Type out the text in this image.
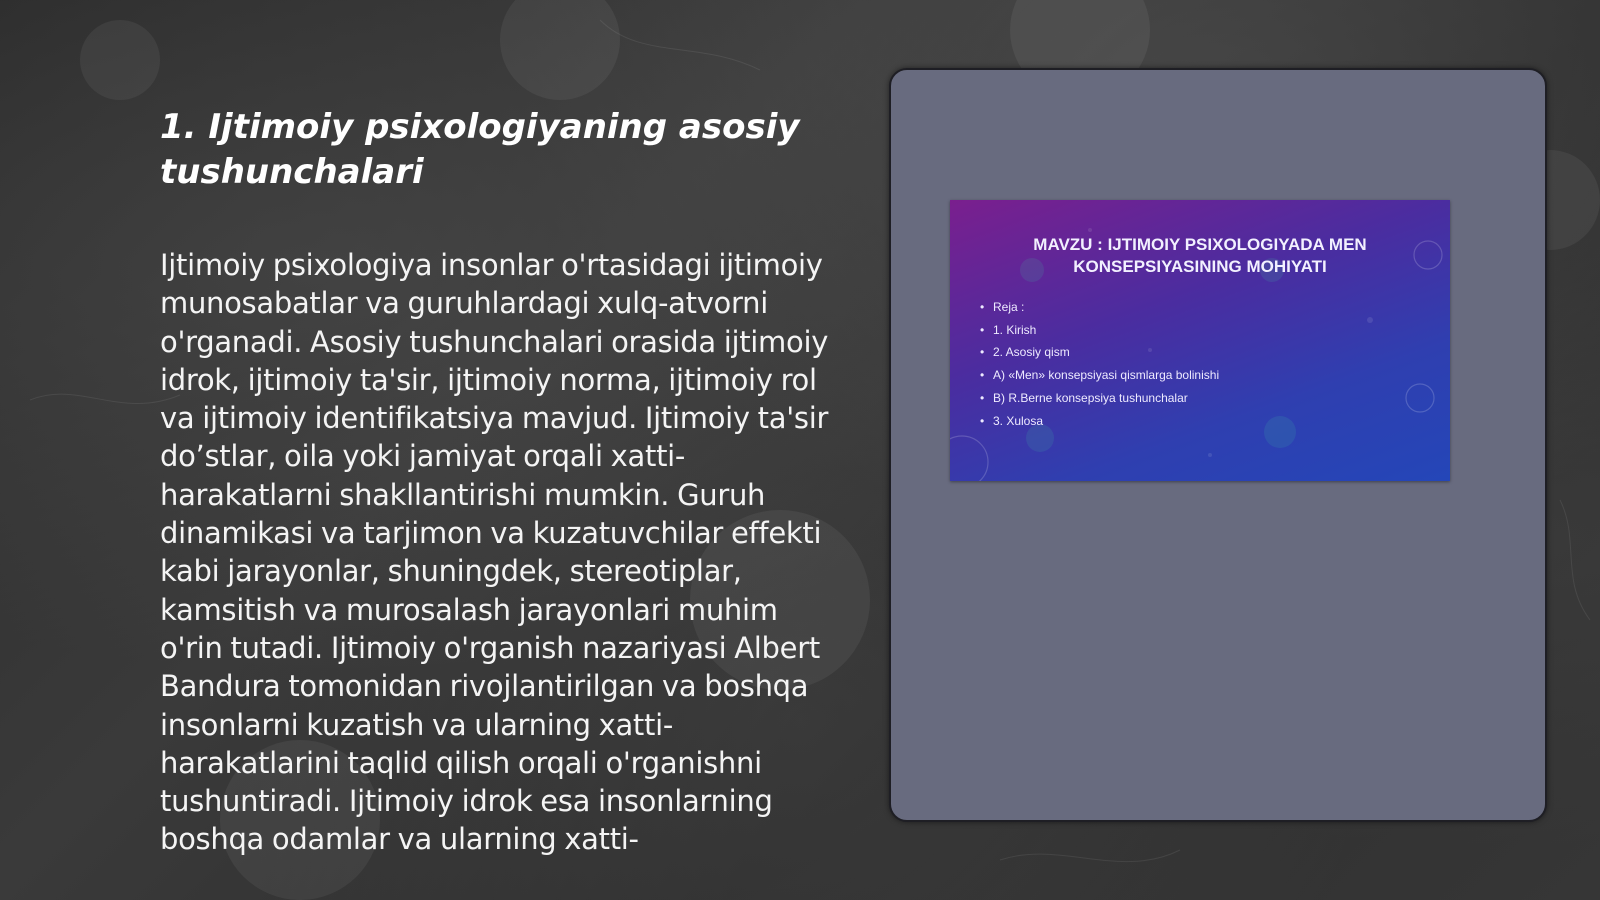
1. Ijtimoiy psixologiyaning asosiy tushunchalari

Ijtimoiy psixologiya insonlar o'rtasidagi ijtimoiy munosabatlar va guruhlardagi xulq-atvorni o'rganadi. Asosiy tushunchalari orasida ijtimoiy idrok, ijtimoiy ta'sir, ijtimoiy norma, ijtimoiy rol va ijtimoiy identifikatsiya mavjud. Ijtimoiy ta'sir do’stlar, oila yoki jamiyat orqali xatti-harakatlarni shakllantirishi mumkin. Guruh dinamikasi va tarjimon va kuzatuvchilar effekti kabi jarayonlar, shuningdek, stereotiplar, kamsitish va murosalash jarayonlari muhim o'rin tutadi. Ijtimoiy o'rganish nazariyasi Albert Bandura tomonidan rivojlantirilgan va boshqa insonlarni kuzatish va ularning xatti-harakatlarini taqlid qilish orqali o'rganishni tushuntiradi. Ijtimoiy idrok esa insonlarning boshqa odamlar va ularning xatti-

MAVZU : IJTIMOIY PSIXOLOGIYADA MEN KONSEPSIYASINING MOHIYATI
• Reja :
• 1. Kirish
• 2. Asosiy qism
• A) «Men» konsepsiyasi qismlarga bolinishi
• B) R.Berne konsepsiya tushunchalar
• 3. Xulosa
